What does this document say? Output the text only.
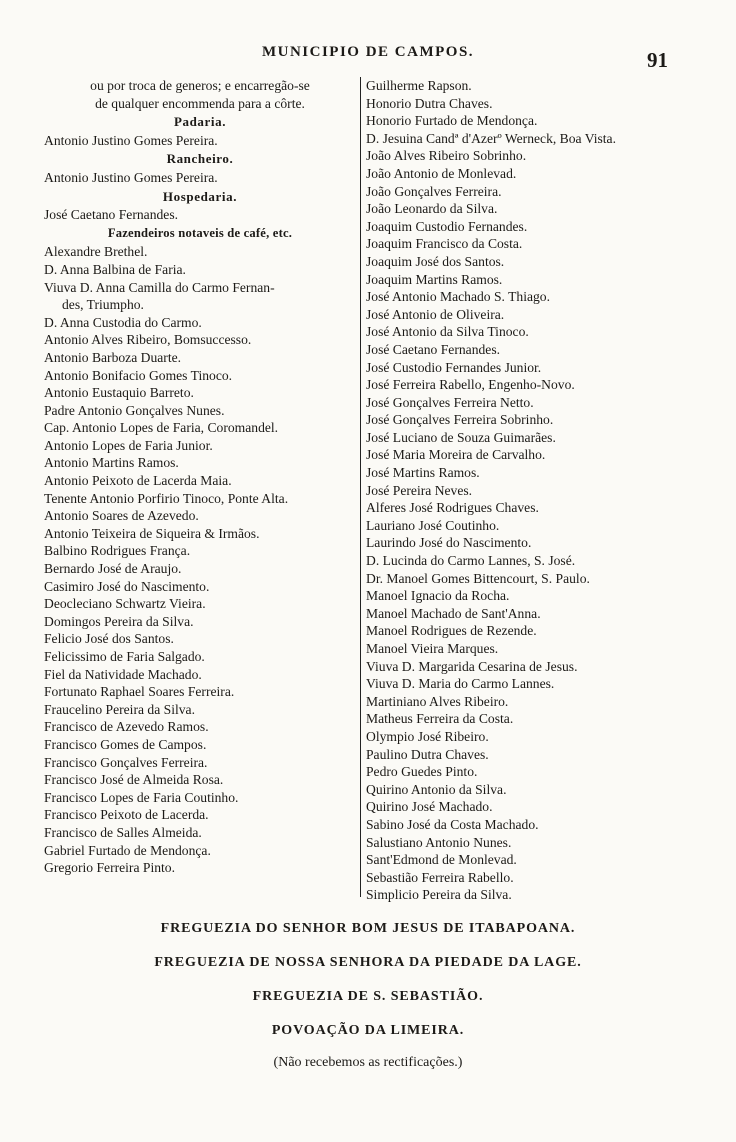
MUNICIPIO DE CAMPOS.	91
ou por troca de generos; e encarregão-se
de qualquer encommenda para a côrte.
Padaria.
Antonio Justino Gomes Pereira.
Rancheiro.
Antonio Justino Gomes Pereira.
Hospedaria.
José Caetano Fernandes.
Fazendeiros notaveis de café, etc.
Alexandre Brethel.
D. Anna Balbina de Faria.
Viuva D. Anna Camilla do Carmo Fernan-
des, Triumpho.
D. Anna Custodia do Carmo.
Antonio Alves Ribeiro, Bomsuccesso.
Antonio Barboza Duarte.
Antonio Bonifacio Gomes Tinoco.
Antonio Eustaquio Barreto.
Padre Antonio Gonçalves Nunes.
Cap. Antonio Lopes de Faria, Coromandel.
Antonio Lopes de Faria Junior.
Antonio Martins Ramos.
Antonio Peixoto de Lacerda Maia.
Tenente Antonio Porfirio Tinoco, Ponte Alta.
Antonio Soares de Azevedo.
Antonio Teixeira de Siqueira & Irmãos.
Balbino Rodrigues França.
Bernardo José de Araujo.
Casimiro José do Nascimento.
Deocleciano Schwartz Vieira.
Domingos Pereira da Silva.
Felicio José dos Santos.
Felicissimo de Faria Salgado.
Fiel da Natividade Machado.
Fortunato Raphael Soares Ferreira.
Fraucelino Pereira da Silva.
Francisco de Azevedo Ramos.
Francisco Gomes de Campos.
Francisco Gonçalves Ferreira.
Francisco José de Almeida Rosa.
Francisco Lopes de Faria Coutinho.
Francisco Peixoto de Lacerda.
Francisco de Salles Almeida.
Gabriel Furtado de Mendonça.
Gregorio Ferreira Pinto.
Guilherme Rapson.
Honorio Dutra Chaves.
Honorio Furtado de Mendonça.
D. Jesuina Candª d'Azerº Werneck, Boa Vista.
João Alves Ribeiro Sobrinho.
João Antonio de Monlevad.
João Gonçalves Ferreira.
João Leonardo da Silva.
Joaquim Custodio Fernandes.
Joaquim Francisco da Costa.
Joaquim José dos Santos.
Joaquim Martins Ramos.
José Antonio Machado S. Thiago.
José Antonio de Oliveira.
José Antonio da Silva Tinoco.
José Caetano Fernandes.
José Custodio Fernandes Junior.
José Ferreira Rabello, Engenho-Novo.
José Gonçalves Ferreira Netto.
José Gonçalves Ferreira Sobrinho.
José Luciano de Souza Guimarães.
José Maria Moreira de Carvalho.
José Martins Ramos.
José Pereira Neves.
Alferes José Rodrigues Chaves.
Lauriano José Coutinho.
Laurindo José do Nascimento.
D. Lucinda do Carmo Lannes, S. José.
Dr. Manoel Gomes Bittencourt, S. Paulo.
Manoel Ignacio da Rocha.
Manoel Machado de Sant'Anna.
Manoel Rodrigues de Rezende.
Manoel Vieira Marques.
Viuva D. Margarida Cesarina de Jesus.
Viuva D. Maria do Carmo Lannes.
Martiniano Alves Ribeiro.
Matheus Ferreira da Costa.
Olympio José Ribeiro.
Paulino Dutra Chaves.
Pedro Guedes Pinto.
Quirino Antonio da Silva.
Quirino José Machado.
Sabino José da Costa Machado.
Salustiano Antonio Nunes.
Sant'Edmond de Monlevad.
Sebastião Ferreira Rabello.
Simplicio Pereira da Silva.
FREGUEZIA DO SENHOR BOM JESUS DE ITABAPOANA.
FREGUEZIA DE NOSSA SENHORA DA PIEDADE DA LAGE.
FREGUEZIA DE S. SEBASTIÃO.
POVOAÇÃO DA LIMEIRA.
(Não recebemos as rectificações.)
